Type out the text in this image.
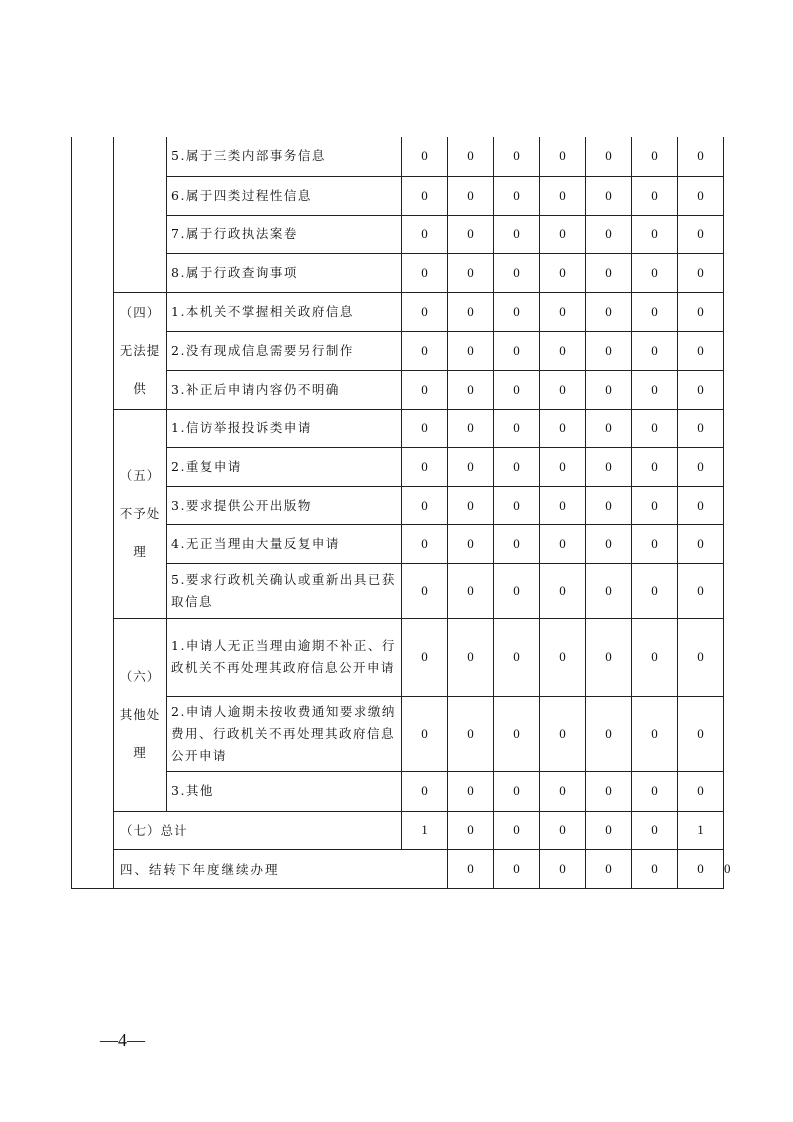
		5.属于三类内部事务信息	0	0	0	0	0	0	0	
		6.属于四类过程性信息	0	0	0	0	0	0	0	
		7.属于行政执法案卷	0	0	0	0	0	0	0	
		8.属于行政查询事项	0	0	0	0	0	0	0	

	（四）
无法提
供	1.本机关不掌握相关政府信息	0	0	0	0	0	0	0	
		2.没有现成信息需要另行制作	0	0	0	0	0	0	0	
		3.补正后申请内容仍不明确	0	0	0	0	0	0	0	

	（五）
不予处
理	1.信访举报投诉类申请	0	0	0	0	0	0	0	
		2.重复申请	0	0	0	0	0	0	0	
		3.要求提供公开出版物	0	0	0	0	0	0	0	
		4.无正当理由大量反复申请	0	0	0	0	0	0	0	
		5.要求行政机关确认或重新出具已获取信息	0	0	0	0	0	0	0	

	（六）
其他处
理	1.申请人无正当理由逾期不补正、行政机关不再处理其政府信息公开申请	0	0	0	0	0	0	0	
		2.申请人逾期未按收费通知要求缴纳费用、行政机关不再处理其政府信息公开申请	0	0	0	0	0	0	0	
		3.其他	0	0	0	0	0	0	0	
	（七）总计		1	0	0	0	0	0	1	
	四、结转下年度继续办理			0	0	0	0	0	0	0
—4—
